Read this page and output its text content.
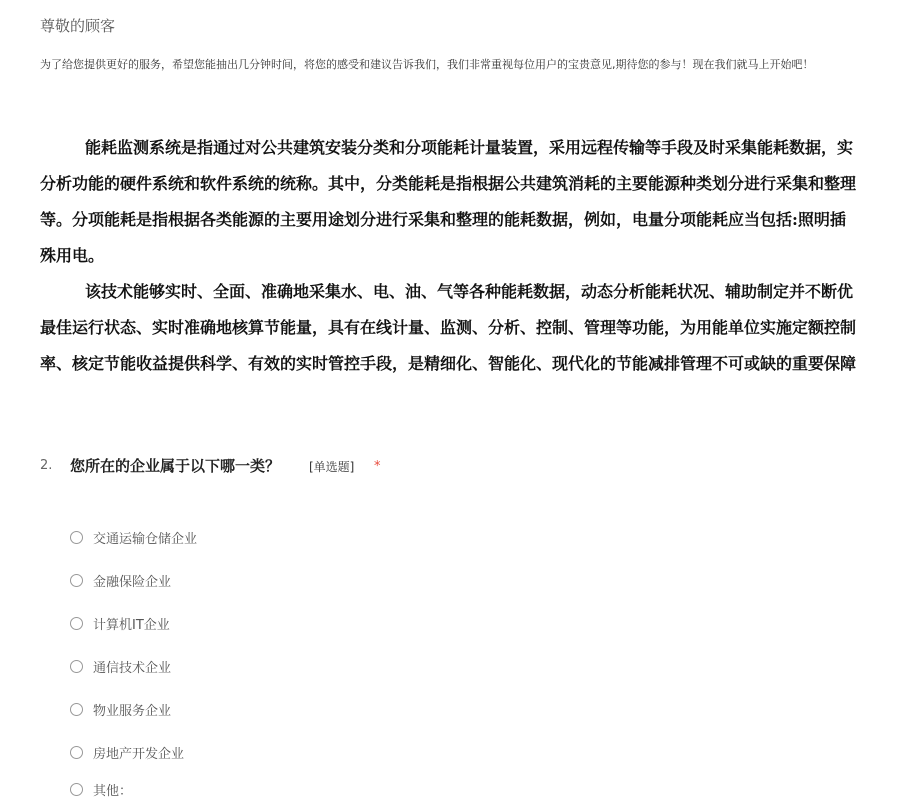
尊敬的顾客
为了给您提供更好的服务，希望您能抽出几分钟时间，将您的感受和建议告诉我们，我们非常重视每位用户的宝贵意见,期待您的参与！现在我们就马上开始吧！

能耗监测系统是指通过对公共建筑安装分类和分项能耗计量装置，采用远程传输等手段及时采集能耗数据，实

分析功能的硬件系统和软件系统的统称。其中，分类能耗是指根据公共建筑消耗的主要能源种类划分进行采集和整理

等。分项能耗是指根据各类能源的主要用途划分进行采集和整理的能耗数据，例如，电量分项能耗应当包括:照明插

殊用电。

该技术能够实时、全面、准确地采集水、电、油、气等各种能耗数据，动态分析能耗状况、辅助制定并不断优

最佳运行状态、实时准确地核算节能量，具有在线计量、监测、分析、控制、管理等功能，为用能单位实施定额控制

率、核定节能收益提供科学、有效的实时管控手段，是精细化、智能化、现代化的节能减排管理不可或缺的重要保障

2. 您所在的企业属于以下哪一类？ [单选题] *
交通运输仓储企业
金融保险企业
计算机IT企业
通信技术企业
物业服务企业
房地产开发企业
其他：
